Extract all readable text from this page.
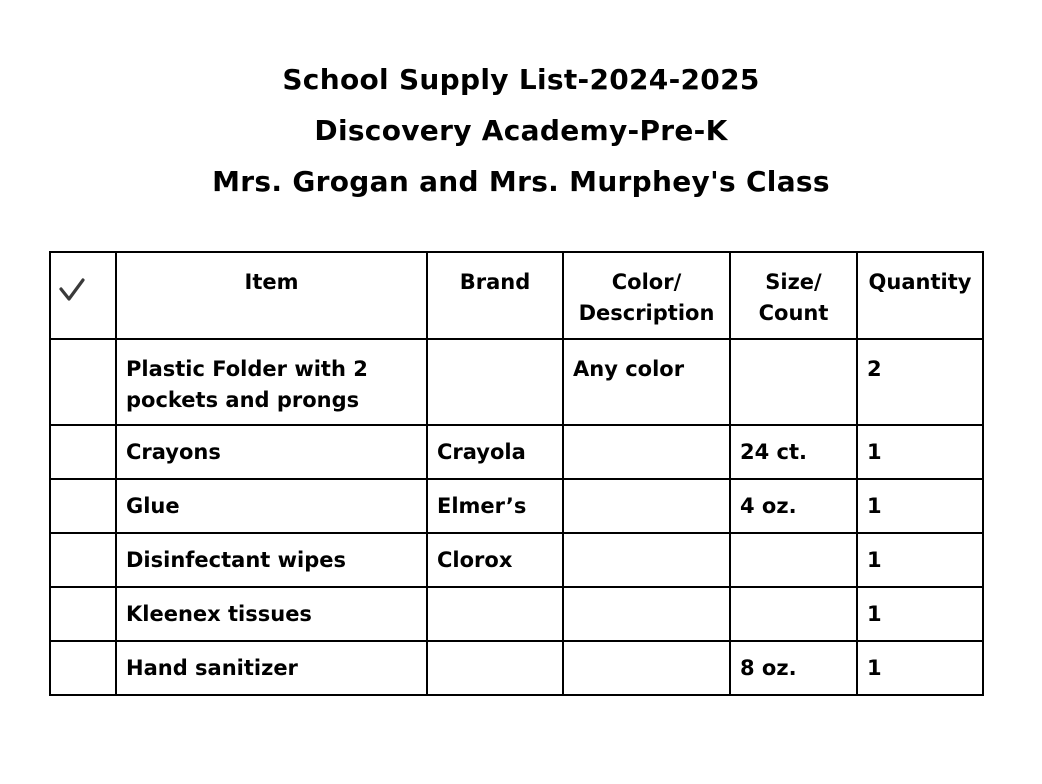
School Supply List-2024-2025
Discovery Academy-Pre-K
Mrs. Grogan and Mrs. Murphey's Class
	Item	Brand	Color/ Description	Size/ Count	Quantity
	Plastic Folder with 2 pockets and prongs		Any color		2
	Crayons	Crayola		24 ct.	1
	Glue	Elmer’s		4 oz.	1
	Disinfectant wipes	Clorox			1
	Kleenex tissues				1
	Hand sanitizer			8 oz.	1
